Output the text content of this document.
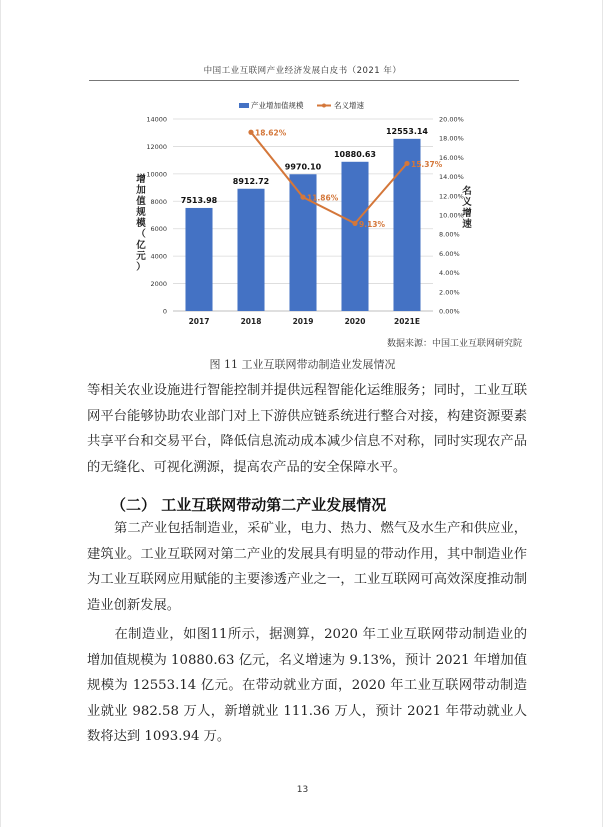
中国工业互联网产业经济发展白皮书（2021 年）
0
2000
4000
6000
8000
10000
12000
14000
0.00%
2.00%
4.00%
6.00%
8.00%
10.00%
12.00%
14.00%
16.00%
18.00%
20.00%
2017	2018	2019	2020	2021E
7513.98
8912.72
9970.10
10880.63
12553.14
18.62%
11.86%
9.13%
15.37%
增
加
值
规
模
（
亿
元
）
名
义
增
速
产业增加值规模	名义增速
数据来源：中国工业互联网研究院
图 11 工业互联网带动制造业发展情况
等相关农业设施进行智能控制并提供远程智能化运维服务；同时，工业互联网平台能够协助农业部门对上下游供应链系统进行整合对接，构建资源要素共享平台和交易平台，降低信息流动成本减少信息不对称，同时实现农产品的无缝化、可视化溯源，提高农产品的安全保障水平。
（二） 工业互联网带动第二产业发展情况
第二产业包括制造业，采矿业，电力、热力、燃气及水生产和供应业，建筑业。工业互联网对第二产业的发展具有明显的带动作用，其中制造业作为工业互联网应用赋能的主要渗透产业之一，工业互联网可高效深度推动制造业创新发展。
在制造业，如图11所示，据测算，2020 年工业互联网带动制造业的增加值规模为 10880.63 亿元，名义增速为 9.13%，预计 2021 年增加值规模为 12553.14 亿元。在带动就业方面，2020 年工业互联网带动制造业就业 982.58 万人，新增就业 111.36 万人，预计 2021 年带动就业人数将达到 1093.94 万。
13
